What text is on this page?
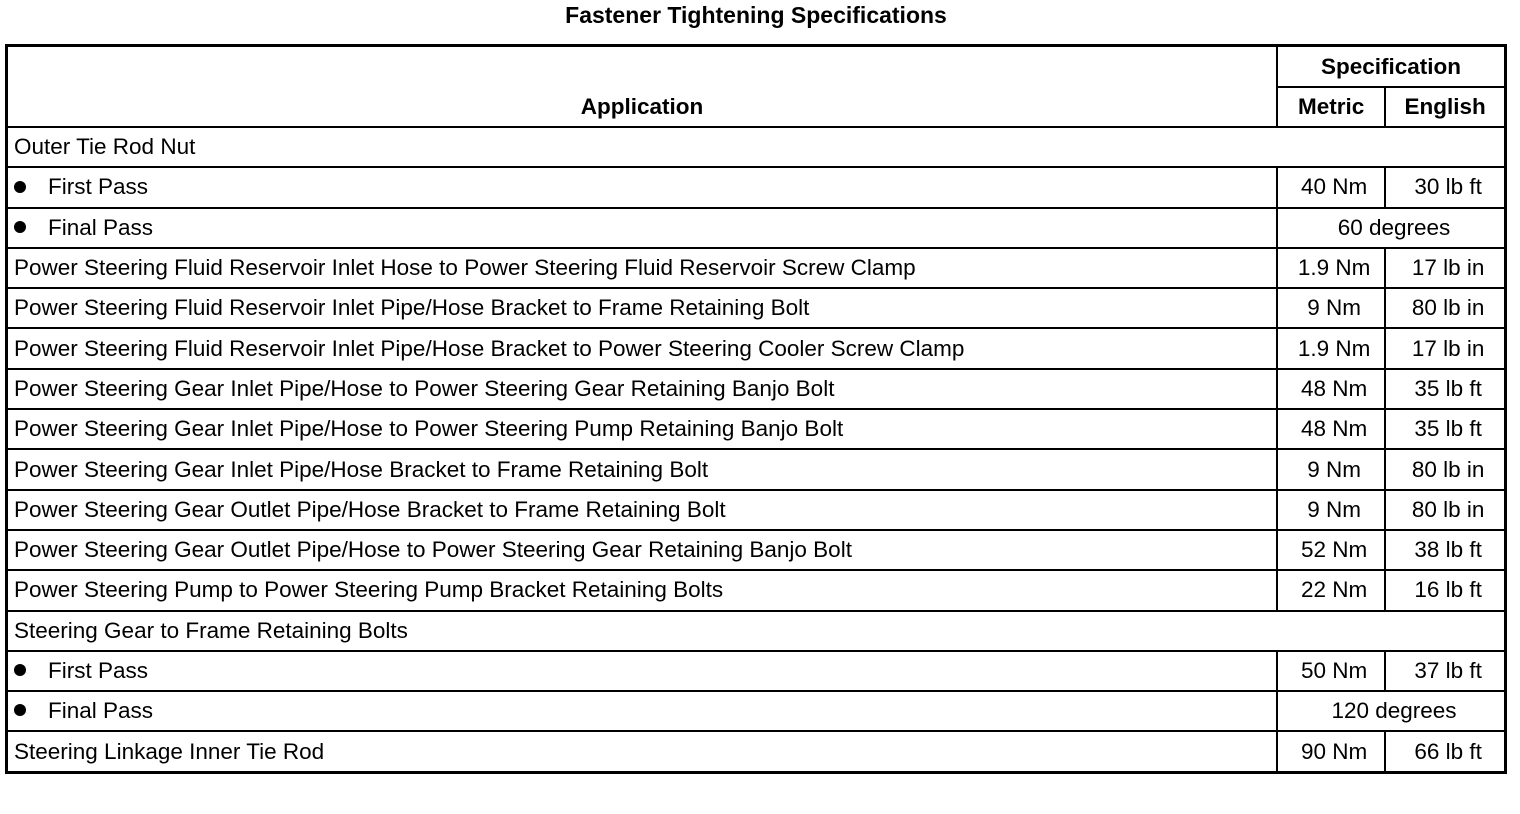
Fastener Tightening Specifications
Application	Specification	
	Metric	English
Outer Tie Rod Nut		
First Pass	40 Nm	30 lb ft
Final Pass	60 degrees	
Power Steering Fluid Reservoir Inlet Hose to Power Steering Fluid Reservoir Screw Clamp	1.9 Nm	17 lb in
Power Steering Fluid Reservoir Inlet Pipe/Hose Bracket to Frame Retaining Bolt	9 Nm	80 lb in
Power Steering Fluid Reservoir Inlet Pipe/Hose Bracket to Power Steering Cooler Screw Clamp	1.9 Nm	17 lb in
Power Steering Gear Inlet Pipe/Hose to Power Steering Gear Retaining Banjo Bolt	48 Nm	35 lb ft
Power Steering Gear Inlet Pipe/Hose to Power Steering Pump Retaining Banjo Bolt	48 Nm	35 lb ft
Power Steering Gear Inlet Pipe/Hose Bracket to Frame Retaining Bolt	9 Nm	80 lb in
Power Steering Gear Outlet Pipe/Hose Bracket to Frame Retaining Bolt	9 Nm	80 lb in
Power Steering Gear Outlet Pipe/Hose to Power Steering Gear Retaining Banjo Bolt	52 Nm	38 lb ft
Power Steering Pump to Power Steering Pump Bracket Retaining Bolts	22 Nm	16 lb ft
Steering Gear to Frame Retaining Bolts		
First Pass	50 Nm	37 lb ft
Final Pass	120 degrees	
Steering Linkage Inner Tie Rod	90 Nm	66 lb ft
